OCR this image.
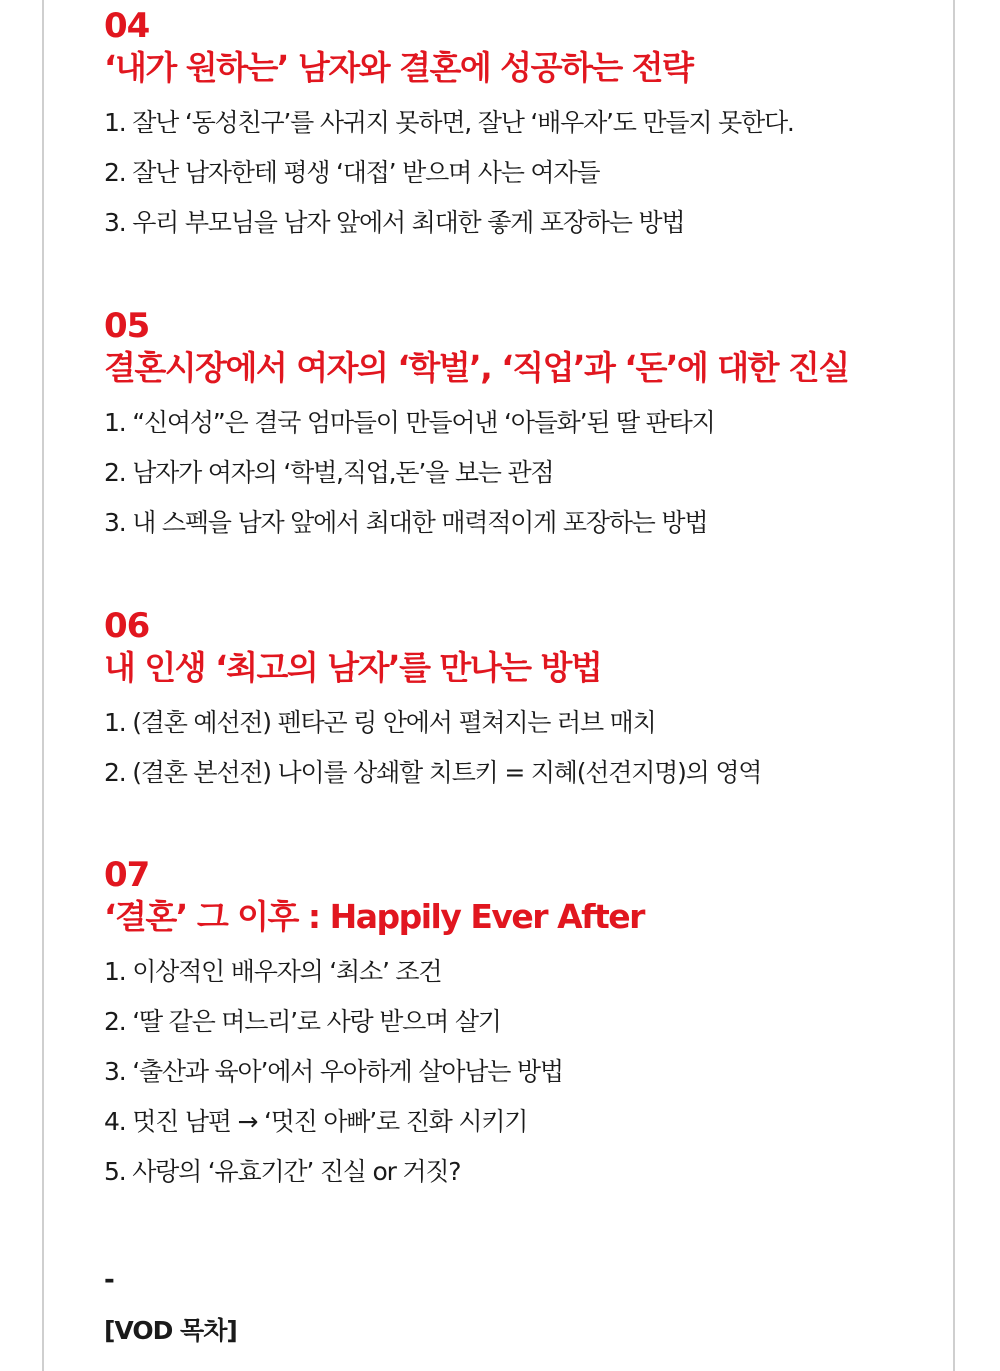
04
‘내가 원하는’ 남자와 결혼에 성공하는 전략
1. 잘난 ‘동성친구’를 사귀지 못하면, 잘난 ‘배우자’도 만들지 못한다.
2. 잘난 남자한테 평생 ‘대접’ 받으며 사는 여자들
3. 우리 부모님을 남자 앞에서 최대한 좋게 포장하는 방법
05
결혼시장에서 여자의 ‘학벌’, ‘직업’과 ‘돈’에 대한 진실
1. “신여성”은 결국 엄마들이 만들어낸 ‘아들화’된 딸 판타지
2. 남자가 여자의 ‘학벌,직업,돈’을 보는 관점
3. 내 스펙을 남자 앞에서 최대한 매력적이게 포장하는 방법
06
내 인생 ‘최고의 남자’를 만나는 방법
1. (결혼 예선전) 펜타곤 링 안에서 펼쳐지는 러브 매치
2. (결혼 본선전) 나이를 상쇄할 치트키 = 지혜(선견지명)의 영역
07
‘결혼’ 그 이후 : Happily Ever After
1. 이상적인 배우자의 ‘최소’ 조건
2. ‘딸 같은 며느리’로 사랑 받으며 살기
3. ‘출산과 육아’에서 우아하게 살아남는 방법
4. 멋진 남편 → ‘멋진 아빠’로 진화 시키기
5. 사랑의 ‘유효기간’ 진실 or 거짓?
-
[VOD 목차]
